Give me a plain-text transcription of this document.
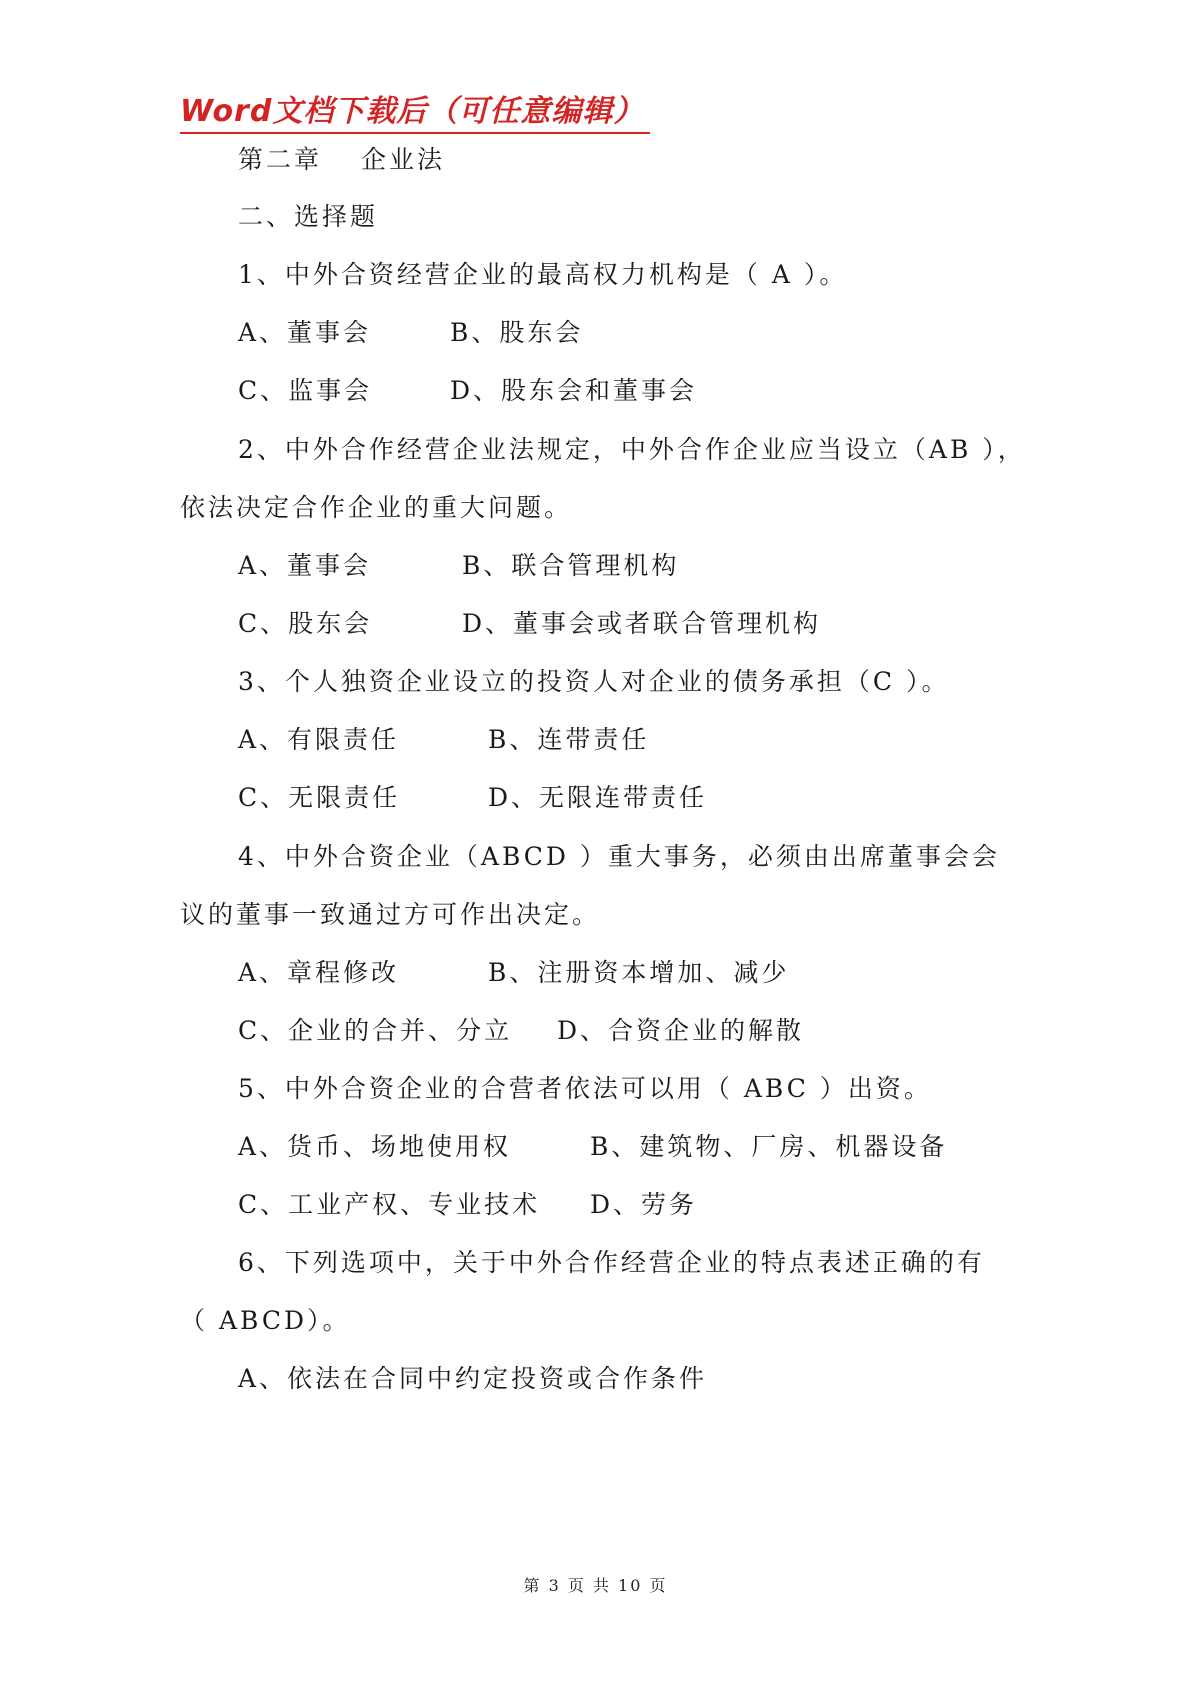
Word文档下载后（可任意编辑）
第二章　 企业法
二、选择题
1、中外合资经营企业的最高权力机构是（ A ）。
A、董事会	B、股东会
C、监事会	D、股东会和董事会
2、中外合作经营企业法规定，中外合作企业应当设立（AB ），
依法决定合作企业的重大问题。
A、董事会	B、联合管理机构
C、股东会	D、董事会或者联合管理机构
3、个人独资企业设立的投资人对企业的债务承担（C ）。
A、有限责任	B、连带责任
C、无限责任	D、无限连带责任
4、中外合资企业（ABCD ）重大事务，必须由出席董事会会
议的董事一致通过方可作出决定。
A、章程修改	B、注册资本增加、减少
C、企业的合并、分立 D、合资企业的解散
5、中外合资企业的合营者依法可以用（ ABC ）出资。
A、货币、场地使用权	B、建筑物、厂房、机器设备
C、工业产权、专业技术 D、劳务
6、下列选项中，关于中外合作经营企业的特点表述正确的有
（ ABCD）。
A、依法在合同中约定投资或合作条件
第 3 页 共 10 页
